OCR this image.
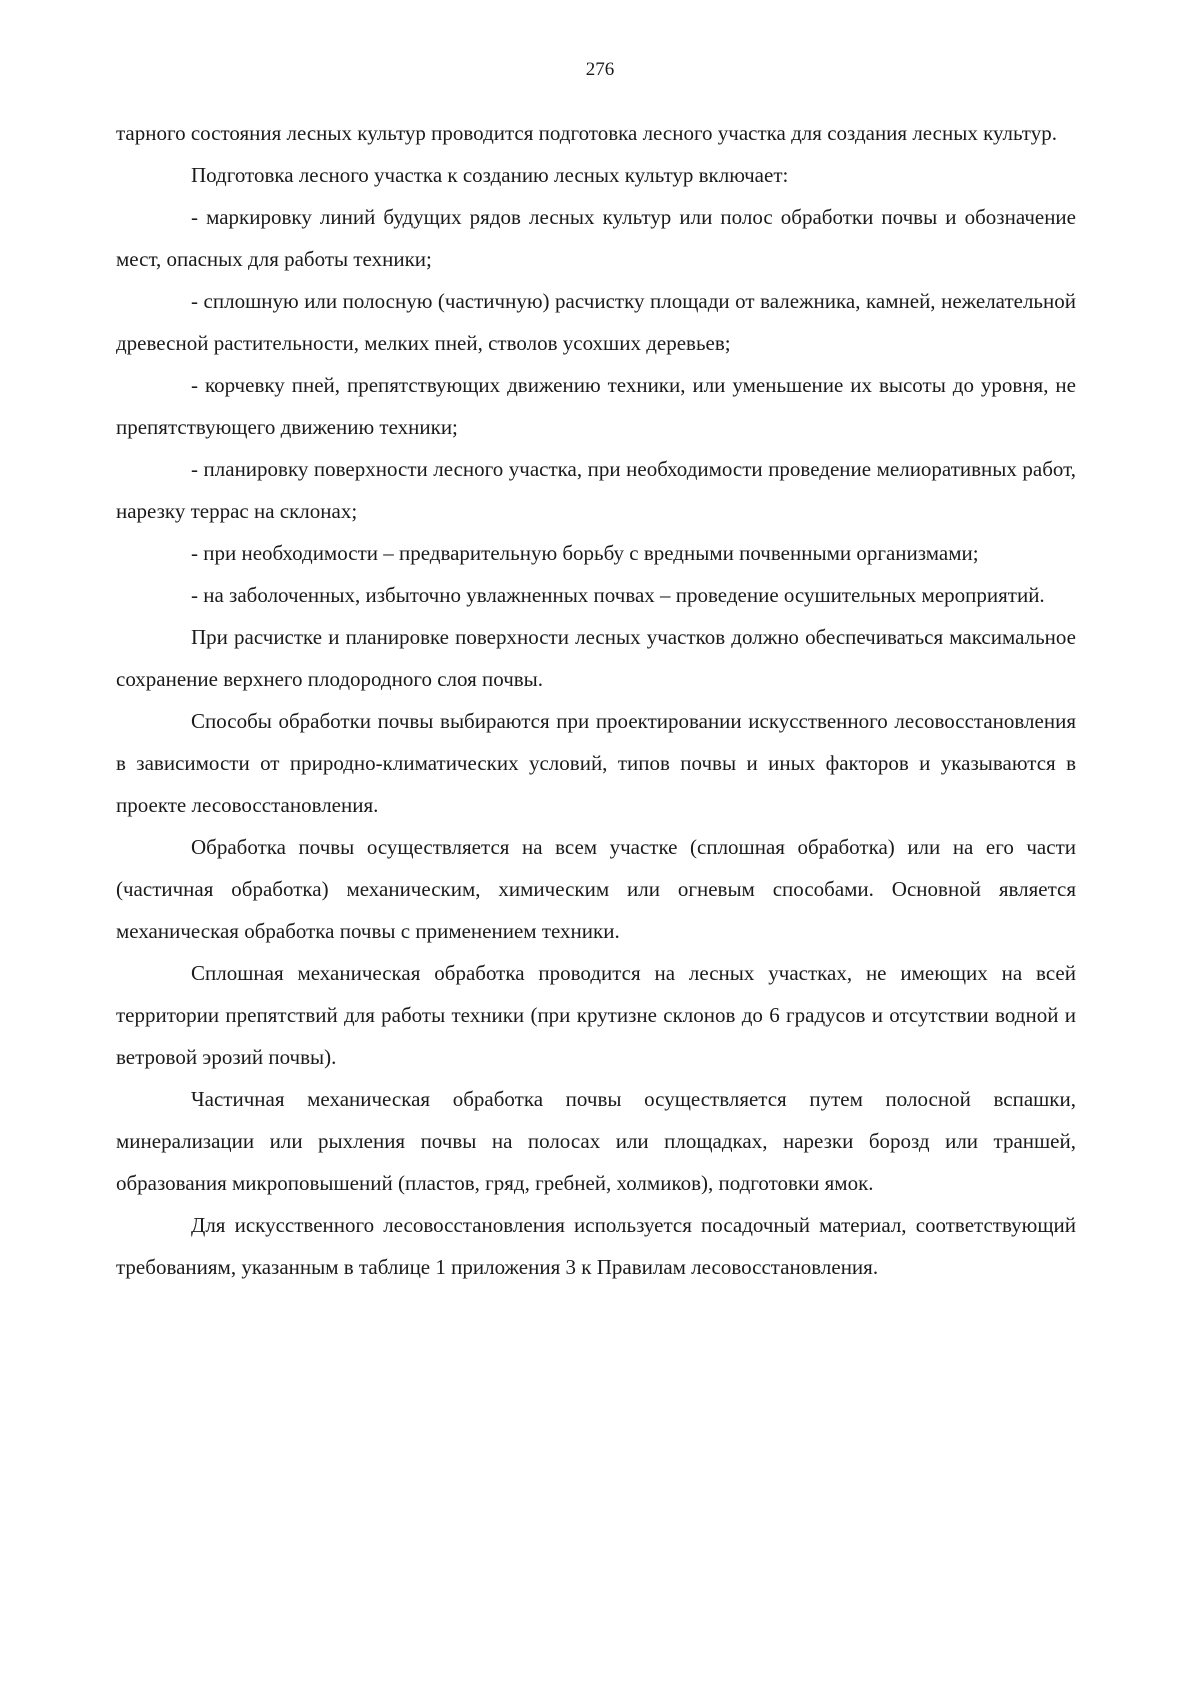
276

тарного состояния лесных культур проводится подготовка лесного участка для создания лесных культур.

Подготовка лесного участка к созданию лесных культур включает:

- маркировку линий будущих рядов лесных культур или полос обработки почвы и обозначение мест, опасных для работы техники;

- сплошную или полосную (частичную) расчистку площади от валежника, камней, нежелательной древесной растительности, мелких пней, стволов усохших деревьев;

- корчевку пней, препятствующих движению техники, или уменьшение их высоты до уровня, не препятствующего движению техники;

- планировку поверхности лесного участка, при необходимости проведение мелиоративных работ, нарезку террас на склонах;

- при необходимости – предварительную борьбу с вредными почвенными организмами;

- на заболоченных, избыточно увлажненных почвах – проведение осушительных мероприятий.

При расчистке и планировке поверхности лесных участков должно обеспечиваться максимальное сохранение верхнего плодородного слоя почвы.

Способы обработки почвы выбираются при проектировании искусственного лесовосстановления в зависимости от природно-климатических условий, типов почвы и иных факторов и указываются в проекте лесовосстановления.

Обработка почвы осуществляется на всем участке (сплошная обработка) или на его части (частичная обработка) механическим, химическим или огневым способами. Основной является механическая обработка почвы с применением техники.

Сплошная механическая обработка проводится на лесных участках, не имеющих на всей территории препятствий для работы техники (при крутизне склонов до 6 градусов и отсутствии водной и ветровой эрозий почвы).

Частичная механическая обработка почвы осуществляется путем полосной вспашки, минерализации или рыхления почвы на полосах или площадках, нарезки борозд или траншей, образования микроповышений (пластов, гряд, гребней, холмиков), подготовки ямок.

Для искусственного лесовосстановления используется посадочный материал, соответствующий требованиям, указанным в таблице 1 приложения 3 к Правилам лесовосстановления.
